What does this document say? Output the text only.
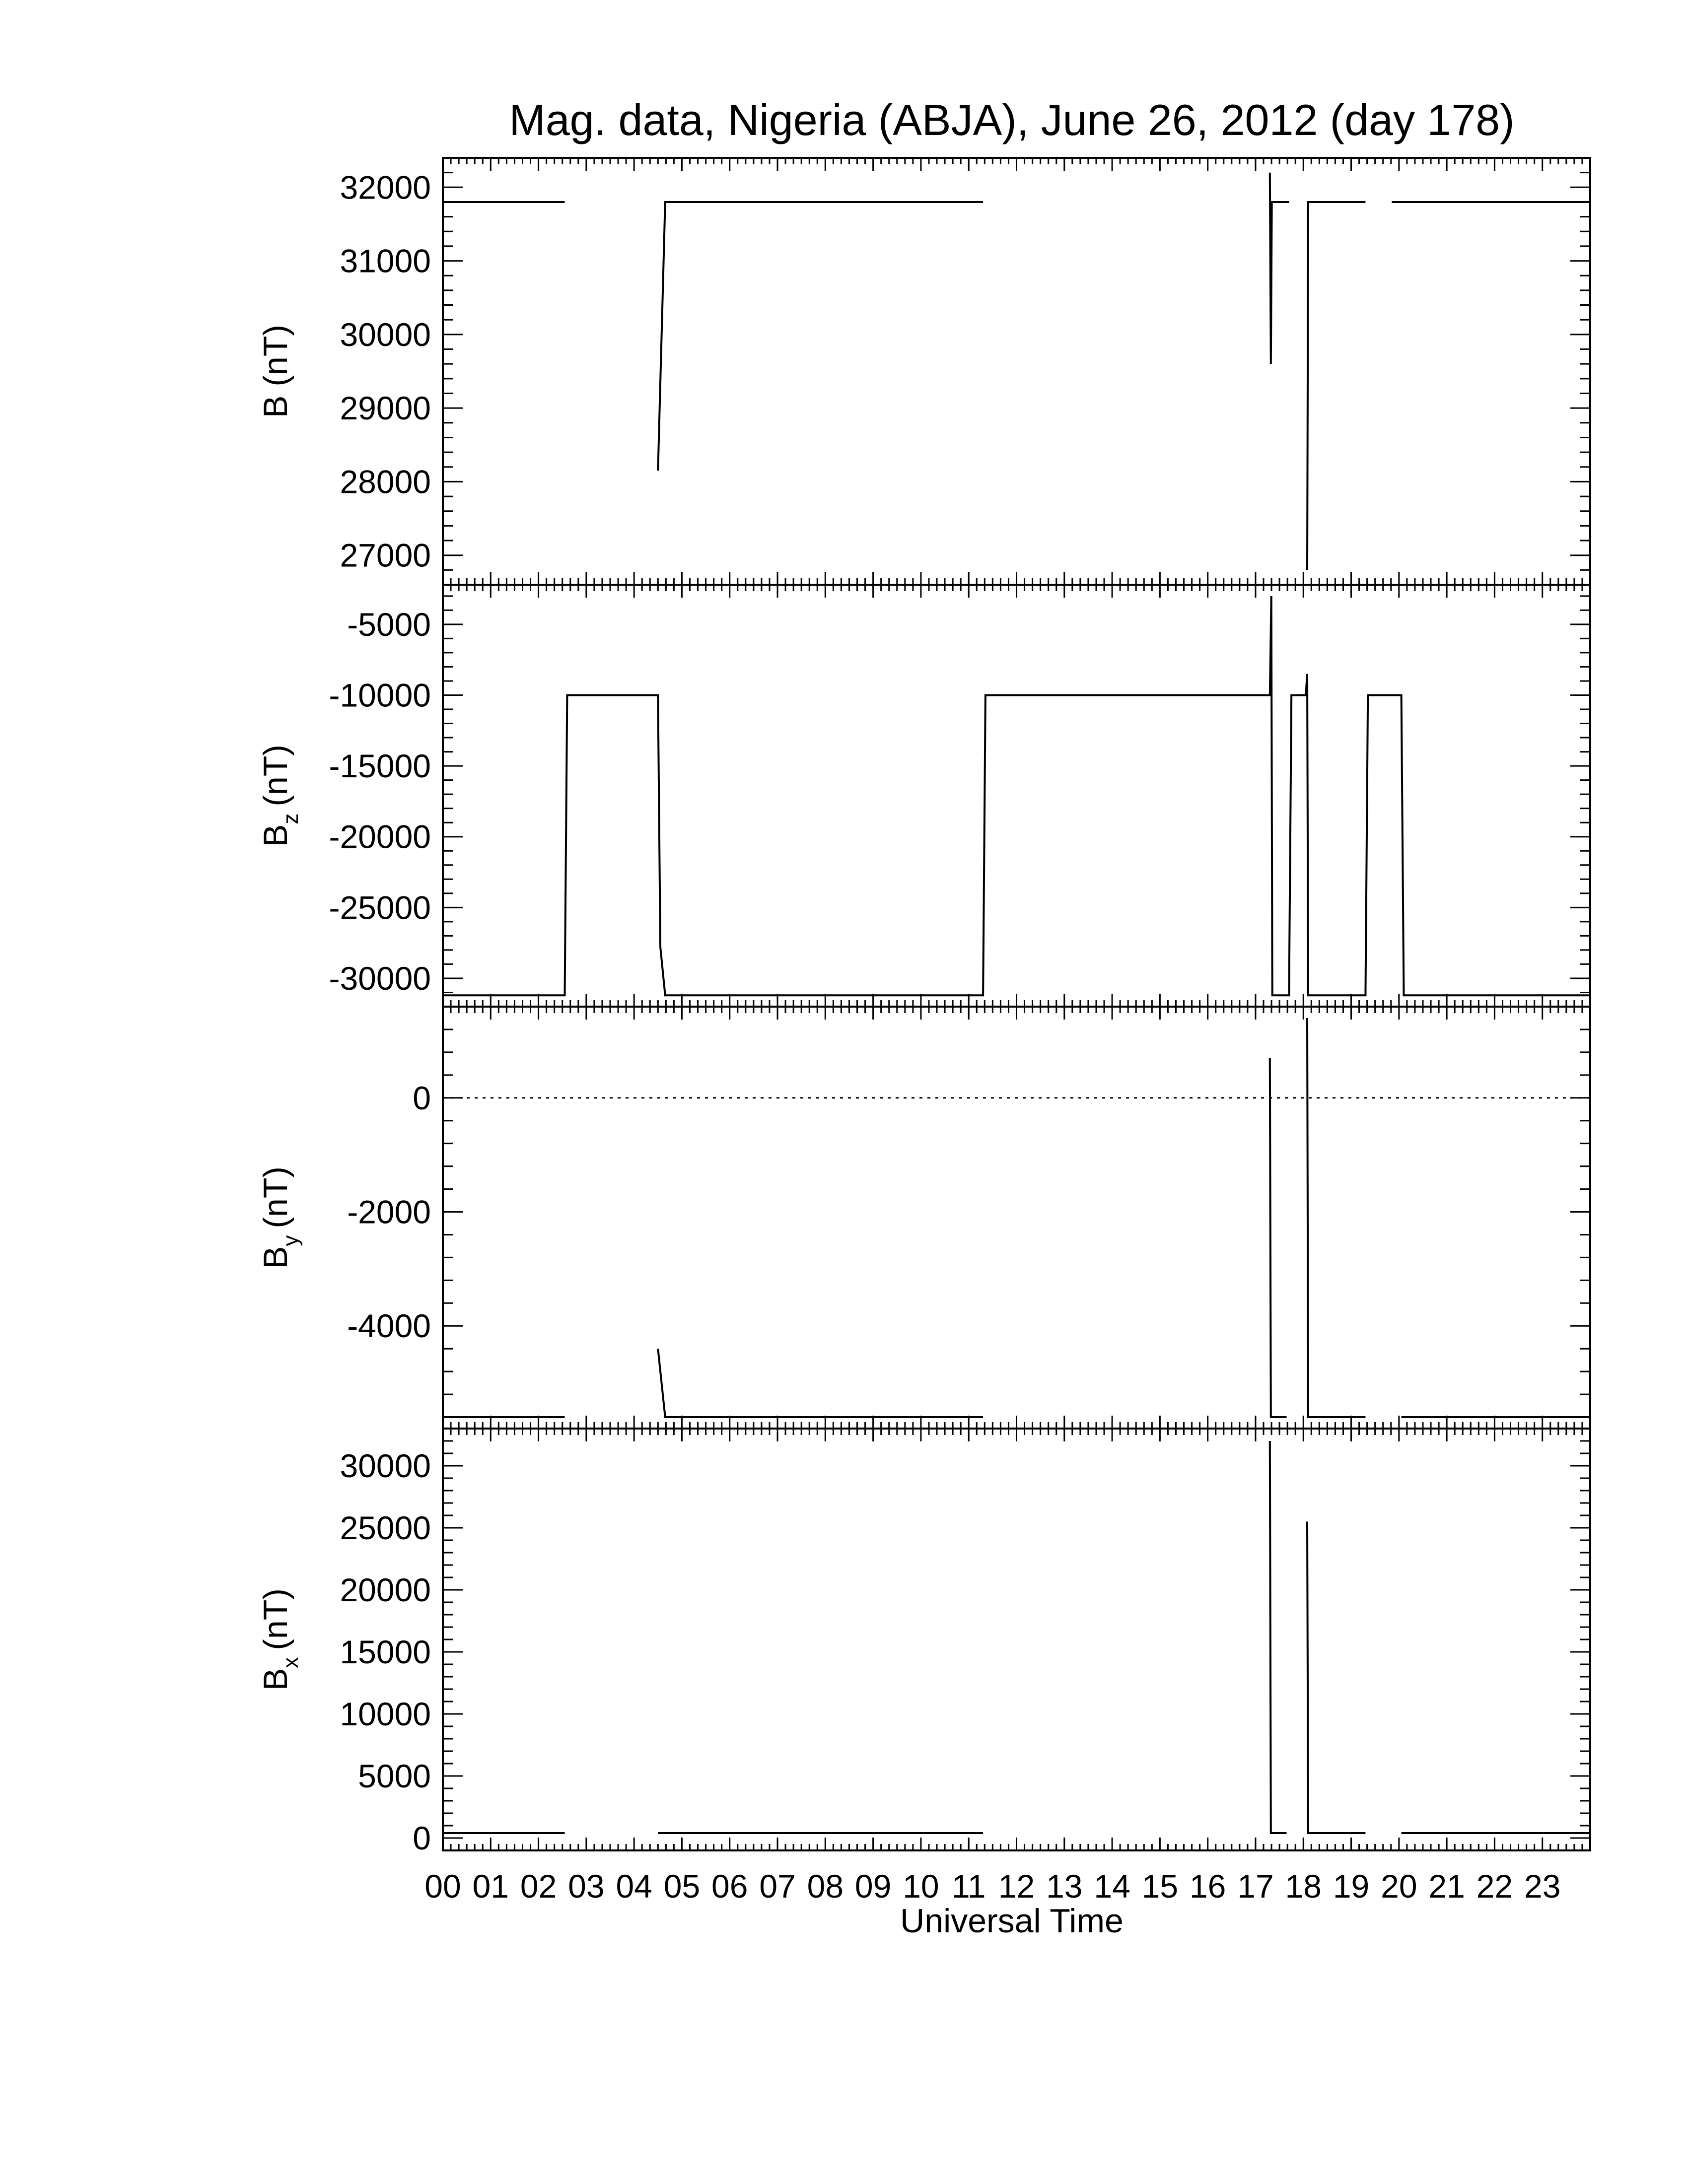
Mag. data, Nigeria (ABJA), June 26, 2012 (day 178)
27000
28000
29000
30000
31000
32000
B(nT)
-30000
-25000
-20000
-15000
-10000
-5000
$B_z(nT)$
-4000
-2000
0
$B_y(nT)$
0
5000
10000
15000
20000
25000
30000
$B_x(nT)$
00 01 02 03 04 05 06 07 08 09 10 11 12 13 14 15 16 17 18 19 20 21 22 23
Universal Time
